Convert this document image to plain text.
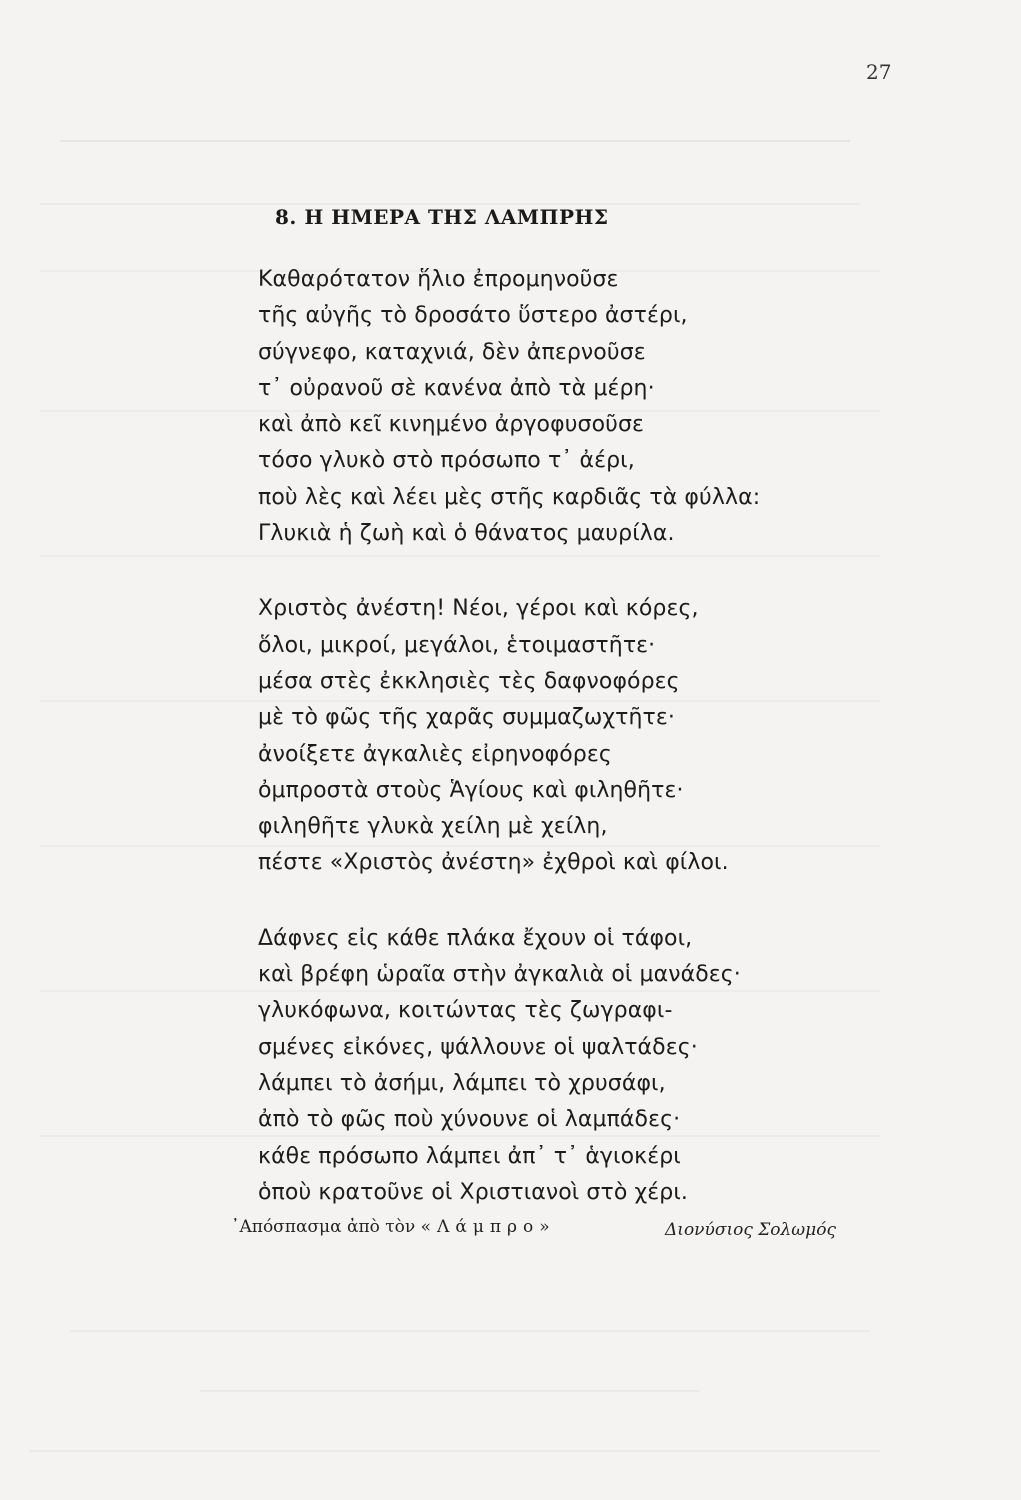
27
8. Η ΗΜΕΡΑ ΤΗΣ ΛΑΜΠΡΗΣ
Καθαρότατον ἥλιο ἐπρομηνοῦσε
τῆς αὐγῆς τὸ δροσάτο ὕστερο ἀστέρι,
σύγνεφο, καταχνιά, δὲν ἀπερνοῦσε
τ᾽ οὐρανοῦ σὲ κανένα ἀπὸ τὰ μέρη·
καὶ ἀπὸ κεῖ κινημένο ἀργοφυσοῦσε
τόσο γλυκὸ στὸ πρόσωπο τ᾽ ἀέρι,
ποὺ λὲς καὶ λέει μὲς στῆς καρδιᾶς τὰ φύλλα:
Γλυκιὰ ἡ ζωὴ καὶ ὁ θάνατος μαυρίλα.
Χριστὸς ἀνέστη! Νέοι, γέροι καὶ κόρες,
ὅλοι, μικροί, μεγάλοι, ἑτοιμαστῆτε·
μέσα στὲς ἐκκλησιὲς τὲς δαφνοφόρες
μὲ τὸ φῶς τῆς χαρᾶς συμμαζωχτῆτε·
ἀνοίξετε ἀγκαλιὲς εἰρηνοφόρες
ὀμπροστὰ στοὺς Ἁγίους καὶ φιληθῆτε·
φιληθῆτε γλυκὰ χείλη μὲ χείλη,
πέστε «Χριστὸς ἀνέστη» ἐχθροὶ καὶ φίλοι.
Δάφνες εἰς κάθε πλάκα ἔχουν οἱ τάφοι,
καὶ βρέφη ὡραῖα στὴν ἀγκαλιὰ οἱ μανάδες·
γλυκόφωνα, κοιτώντας τὲς ζωγραφι-
σμένες εἰκόνες, ψάλλουνε οἱ ψαλτάδες·
λάμπει τὸ ἀσήμι, λάμπει τὸ χρυσάφι,
ἀπὸ τὸ φῶς ποὺ χύνουνε οἱ λαμπάδες·
κάθε πρόσωπο λάμπει ἀπ᾽ τ᾽ ἁγιοκέρι
ὁποὺ κρατοῦνε οἱ Χριστιανοὶ στὸ χέρι.
᾿Απόσπασμα ἀπὸ τὸν «Λάμπρο»	Διονύσιος Σολωμός
